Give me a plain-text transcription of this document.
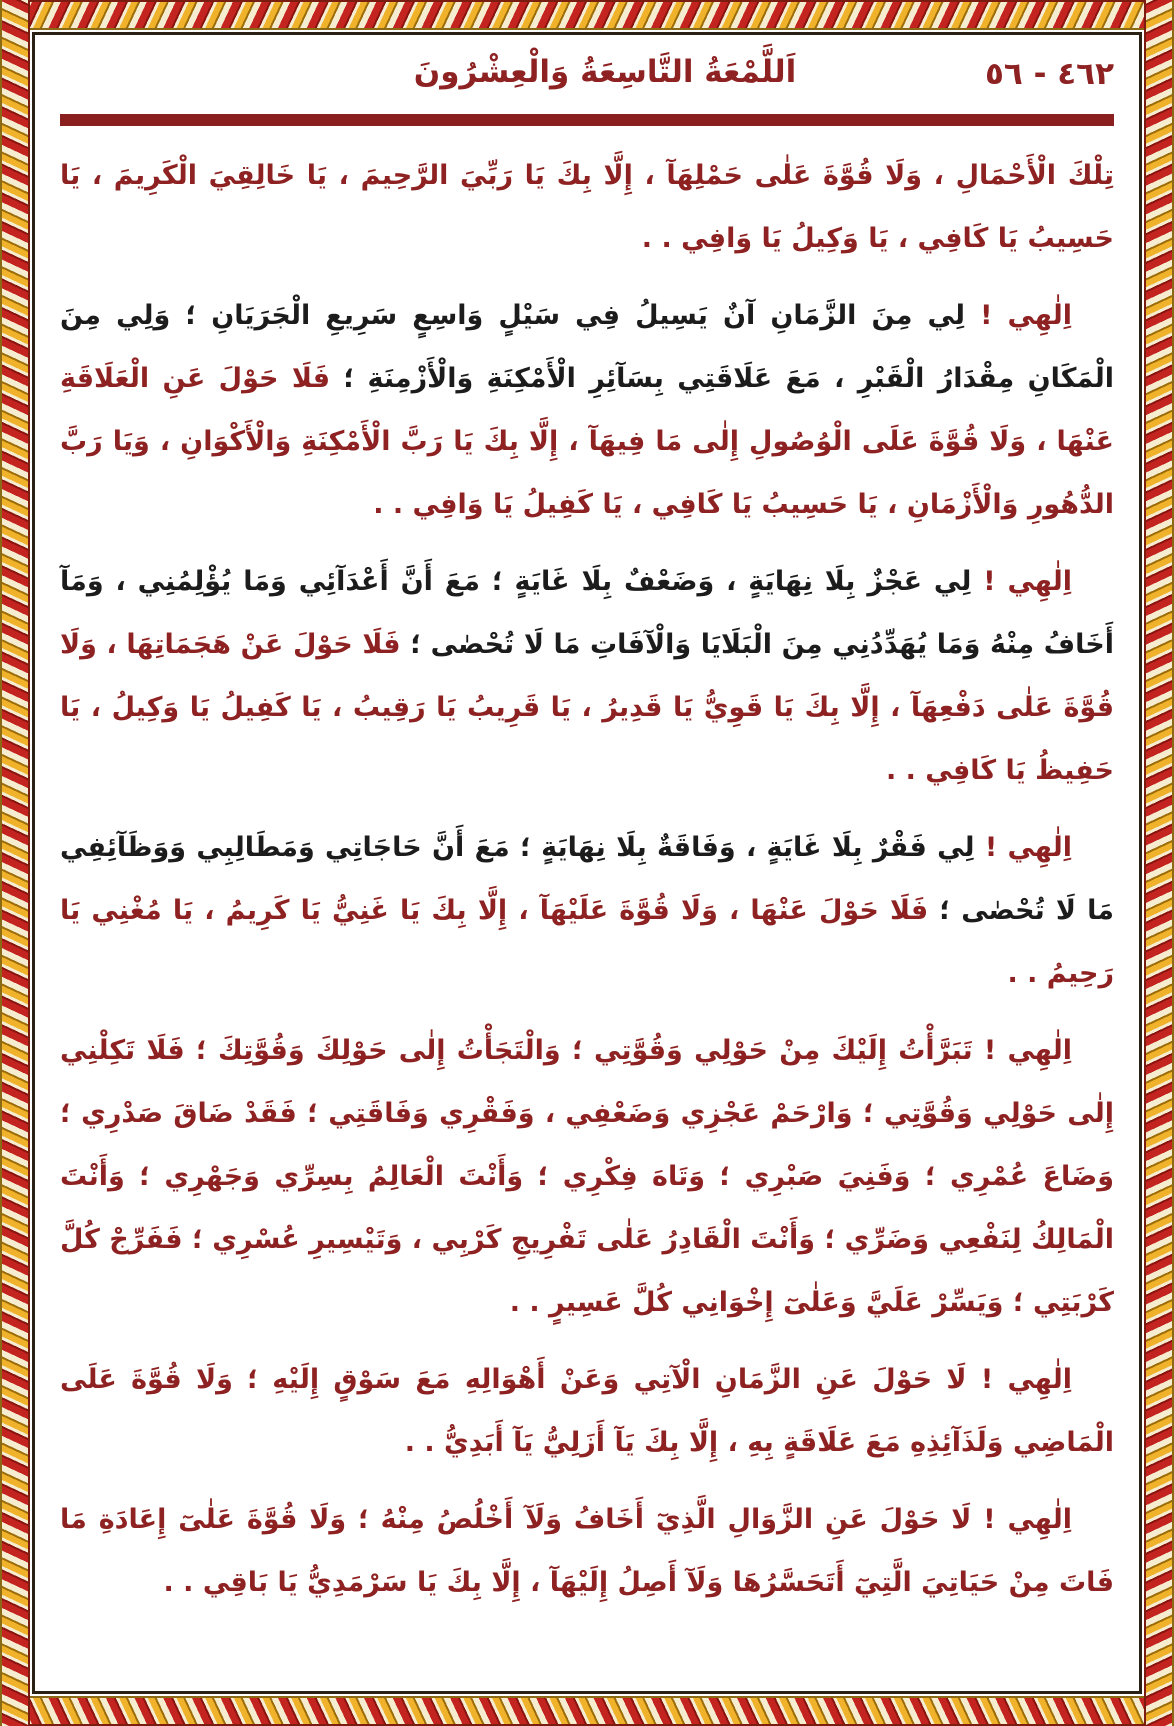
٤٦٢ - ٥٦
اَللَّمْعَةُ التَّاسِعَةُ وَالْعِشْرُونَ

تِلْكَ الْأَحْمَالِ ، وَلَا قُوَّةَ عَلٰى حَمْلِهَآ ، إِلَّا بِكَ يَا رَبِّيَ الرَّحِيمَ ، يَا خَالِقِيَ الْكَرِيمَ ، يَا حَسِيبُ يَا كَافِي ، يَا وَكِيلُ يَا وَافِي . .

اِلٰهِي ! لِي مِنَ الزَّمَانِ آنٌ يَسِيلُ فِي سَيْلٍ وَاسِعٍ سَرِيعِ الْجَرَيَانِ ؛ وَلِي مِنَ الْمَكَانِ مِقْدَارُ الْقَبْرِ ، مَعَ عَلَاقَتِي بِسَآئِرِ الْأَمْكِنَةِ وَالْأَزْمِنَةِ ؛ فَلَا حَوْلَ عَنِ الْعَلَاقَةِ عَنْهَا ، وَلَا قُوَّةَ عَلَى الْوُصُولِ إِلٰى مَا فِيهَآ ، إِلَّا بِكَ يَا رَبَّ الْأَمْكِنَةِ وَالْأَكْوَانِ ، وَيَا رَبَّ الدُّهُورِ وَالْأَزْمَانِ ، يَا حَسِيبُ يَا كَافِي ، يَا كَفِيلُ يَا وَافِي . .

اِلٰهِي ! لِي عَجْزٌ بِلَا نِهَايَةٍ ، وَضَعْفٌ بِلَا غَايَةٍ ؛ مَعَ أَنَّ أَعْدَآئِي وَمَا يُؤْلِمُنِي ، وَمَآ أَخَافُ مِنْهُ وَمَا يُهَدِّدُنِي مِنَ الْبَلَايَا وَالْآفَاتِ مَا لَا تُحْصٰى ؛ فَلَا حَوْلَ عَنْ هَجَمَاتِهَا ، وَلَا قُوَّةَ عَلٰى دَفْعِهَآ ، إِلَّا بِكَ يَا قَوِيُّ يَا قَدِيرُ ، يَا قَرِيبُ يَا رَقِيبُ ، يَا كَفِيلُ يَا وَكِيلُ ، يَا حَفِيظُ يَا كَافِي . .

اِلٰهِي ! لِي فَقْرٌ بِلَا غَايَةٍ ، وَفَاقَةٌ بِلَا نِهَايَةٍ ؛ مَعَ أَنَّ حَاجَاتِي وَمَطَالِبِي وَوَظَآئِفِي مَا لَا تُحْصٰى ؛ فَلَا حَوْلَ عَنْهَا ، وَلَا قُوَّةَ عَلَيْهَآ ، إِلَّا بِكَ يَا غَنِيُّ يَا كَرِيمُ ، يَا مُغْنِي يَا رَحِيمُ . .

اِلٰهِي ! تَبَرَّأْتُ إِلَيْكَ مِنْ حَوْلِي وَقُوَّتِي ؛ وَالْتَجَأْتُ إِلٰى حَوْلِكَ وَقُوَّتِكَ ؛ فَلَا تَكِلْنِي إِلٰى حَوْلِي وَقُوَّتِي ؛ وَارْحَمْ عَجْزِي وَضَعْفِي ، وَفَقْرِي وَفَاقَتِي ؛ فَقَدْ ضَاقَ صَدْرِي ؛ وَضَاعَ عُمْرِي ؛ وَفَنِيَ صَبْرِي ؛ وَتَاهَ فِكْرِي ؛ وَأَنْتَ الْعَالِمُ بِسِرِّي وَجَهْرِي ؛ وَأَنْتَ الْمَالِكُ لِنَفْعِي وَضَرِّي ؛ وَأَنْتَ الْقَادِرُ عَلٰى تَفْرِيجِ كَرْبِي ، وَتَيْسِيرِ عُسْرِي ؛ فَفَرِّجْ كُلَّ كَرْبَتِي ؛ وَيَسِّرْ عَلَيَّ وَعَلٰىٓ إِخْوَانِي كُلَّ عَسِيرٍ . .

اِلٰهِي ! لَا حَوْلَ عَنِ الزَّمَانِ الْآتِي وَعَنْ أَهْوَالِهِ مَعَ سَوْقٍ إِلَيْهِ ؛ وَلَا قُوَّةَ عَلَى الْمَاضِي وَلَذَآئِذِهِ مَعَ عَلَاقَةٍ بِهِ ، إِلَّا بِكَ يَآ أَزَلِيُّ يَآ أَبَدِيُّ . .

اِلٰهِي ! لَا حَوْلَ عَنِ الزَّوَالِ الَّذِيٓ أَخَافُ وَلَآ أَخْلُصُ مِنْهُ ؛ وَلَا قُوَّةَ عَلٰىٓ إِعَادَةِ مَا فَاتَ مِنْ حَيَاتِيَ الَّتِيٓ أَتَحَسَّرُهَا وَلَآ أَصِلُ إِلَيْهَآ ، إِلَّا بِكَ يَا سَرْمَدِيُّ يَا بَاقِي . .
